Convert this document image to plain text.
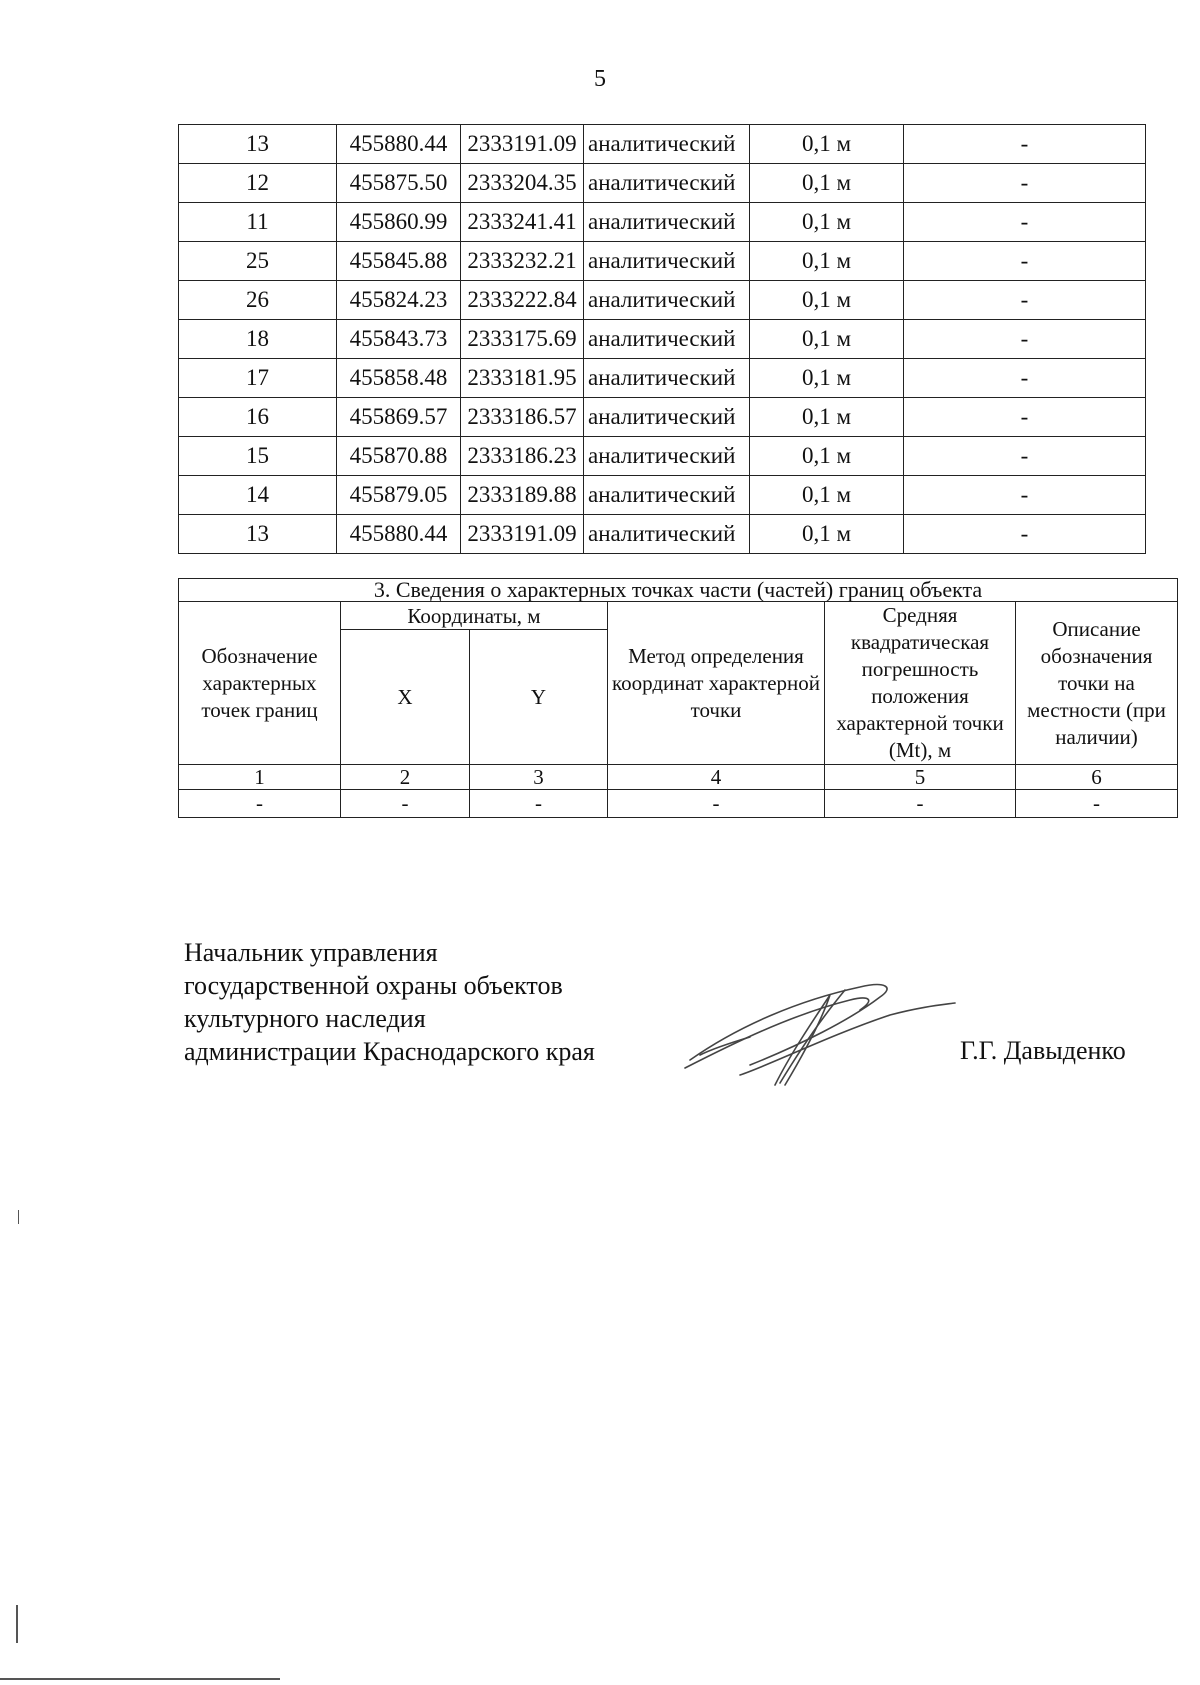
5
13	455880.44	2333191.09	аналитический	0,1 м	-
12	455875.50	2333204.35	аналитический	0,1 м	-
11	455860.99	2333241.41	аналитический	0,1 м	-
25	455845.88	2333232.21	аналитический	0,1 м	-
26	455824.23	2333222.84	аналитический	0,1 м	-
18	455843.73	2333175.69	аналитический	0,1 м	-
17	455858.48	2333181.95	аналитический	0,1 м	-
16	455869.57	2333186.57	аналитический	0,1 м	-
15	455870.88	2333186.23	аналитический	0,1 м	-
14	455879.05	2333189.88	аналитический	0,1 м	-
13	455880.44	2333191.09	аналитический	0,1 м	-
3. Сведения о характерных точках части (частей) границ объекта					
Обозначение характерных точек границ	Координаты, м		Метод определения координат характерной точки	Средняя квадратическая погрешность положения характерной точки (Mt), м	Описание обозначения точки на местности (при наличии)
	X	Y			
1	2	3	4	5	6
-	-	-	-	-	-
Начальник управления
государственной охраны объектов
культурного наследия
администрации Краснодарского края	Г.Г. Давыденко
